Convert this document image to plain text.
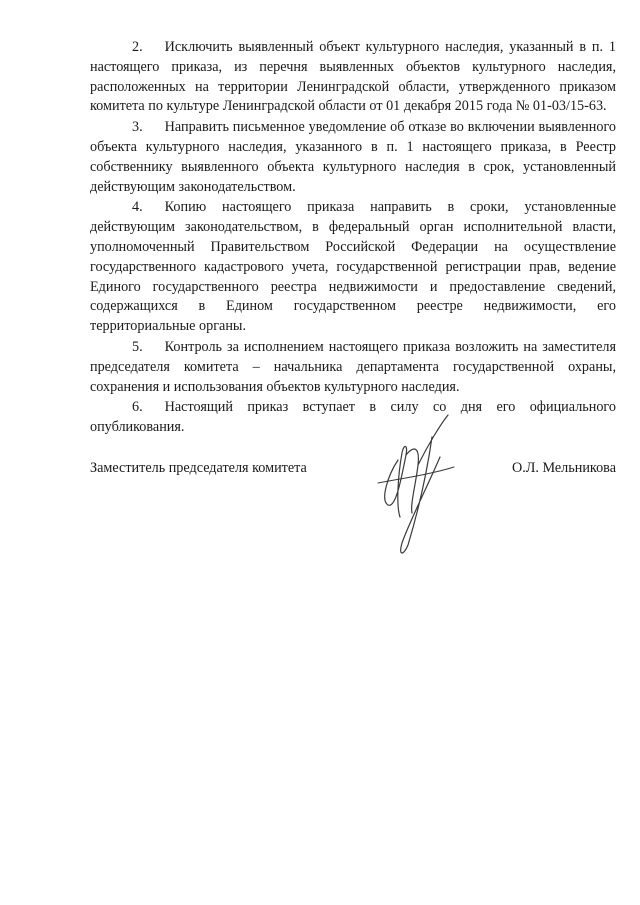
2. Исключить выявленный объект культурного наследия, указанный в п. 1 настоящего приказа, из перечня выявленных объектов культурного наследия, расположенных на территории Ленинградской области, утвержденного приказом комитета по культуре Ленинградской области от 01 декабря 2015 года № 01-03/15-63.

3. Направить письменное уведомление об отказе во включении выявленного объекта культурного наследия, указанного в п. 1 настоящего приказа, в Реестр собственнику выявленного объекта культурного наследия в срок, установленный действующим законодательством.

4. Копию настоящего приказа направить в сроки, установленные действующим законодательством, в федеральный орган исполнительной власти, уполномоченный Правительством Российской Федерации на осуществление государственного кадастрового учета, государственной регистрации прав, ведение Единого государственного реестра недвижимости и предоставление сведений, содержащихся в Едином государственном реестре недвижимости, его территориальные органы.

5. Контроль за исполнением настоящего приказа возложить на заместителя председателя комитета – начальника департамента государственной охраны, сохранения и использования объектов культурного наследия.

6. Настоящий приказ вступает в силу со дня его официального опубликования.

Заместитель председателя комитета	О.Л. Мельникова
